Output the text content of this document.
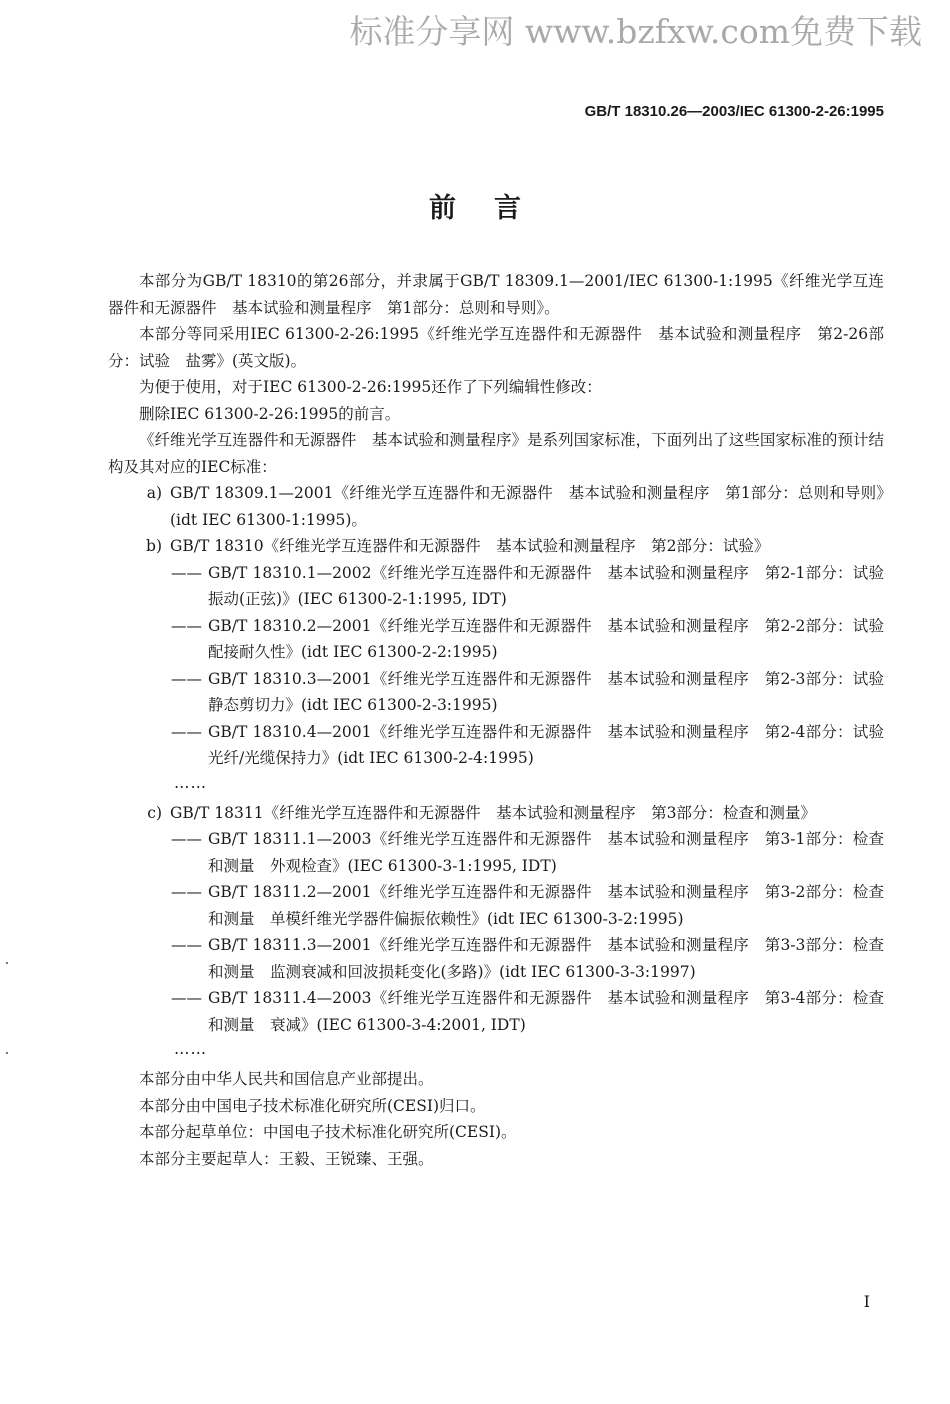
标准分享网 www.bzfxw.com免费下载
GB/T 18310.26—2003/IEC 61300-2-26:1995
前言
本部分为GB/T 18310的第26部分，并隶属于GB/T 18309.1—2001/IEC 61300-1:1995《纤维光学互连器件和无源器件　基本试验和测量程序　第1部分：总则和导则》。
本部分等同采用IEC 61300-2-26:1995《纤维光学互连器件和无源器件　基本试验和测量程序　第2-26部分：试验　盐雾》(英文版)。
为便于使用，对于IEC 61300-2-26:1995还作了下列编辑性修改：
删除IEC 61300-2-26:1995的前言。
《纤维光学互连器件和无源器件　基本试验和测量程序》是系列国家标准，下面列出了这些国家标准的预计结构及其对应的IEC标准：
a) GB/T 18309.1—2001《纤维光学互连器件和无源器件　基本试验和测量程序　第1部分：总则和导则》(idt IEC 61300-1:1995)。
b) GB/T 18310《纤维光学互连器件和无源器件　基本试验和测量程序　第2部分：试验》
—— GB/T 18310.1—2002《纤维光学互连器件和无源器件　基本试验和测量程序　第2-1部分：试验　振动(正弦)》(IEC 61300-2-1:1995, IDT)
—— GB/T 18310.2—2001《纤维光学互连器件和无源器件　基本试验和测量程序　第2-2部分：试验　配接耐久性》(idt IEC 61300-2-2:1995)
—— GB/T 18310.3—2001《纤维光学互连器件和无源器件　基本试验和测量程序　第2-3部分：试验　静态剪切力》(idt IEC 61300-2-3:1995)
—— GB/T 18310.4—2001《纤维光学互连器件和无源器件　基本试验和测量程序　第2-4部分：试验　光纤/光缆保持力》(idt IEC 61300-2-4:1995)
……
c) GB/T 18311《纤维光学互连器件和无源器件　基本试验和测量程序　第3部分：检查和测量》
—— GB/T 18311.1—2003《纤维光学互连器件和无源器件　基本试验和测量程序　第3-1部分：检查和测量　外观检查》(IEC 61300-3-1:1995, IDT)
—— GB/T 18311.2—2001《纤维光学互连器件和无源器件　基本试验和测量程序　第3-2部分：检查和测量　单模纤维光学器件偏振依赖性》(idt IEC 61300-3-2:1995)
—— GB/T 18311.3—2001《纤维光学互连器件和无源器件　基本试验和测量程序　第3-3部分：检查和测量　监测衰减和回波损耗变化(多路)》(idt IEC 61300-3-3:1997)
—— GB/T 18311.4—2003《纤维光学互连器件和无源器件　基本试验和测量程序　第3-4部分：检查和测量　衰减》(IEC 61300-3-4:2001, IDT)
……
本部分由中华人民共和国信息产业部提出。
本部分由中国电子技术标准化研究所(CESI)归口。
本部分起草单位：中国电子技术标准化研究所(CESI)。
本部分主要起草人：王毅、王锐臻、王强。
I
